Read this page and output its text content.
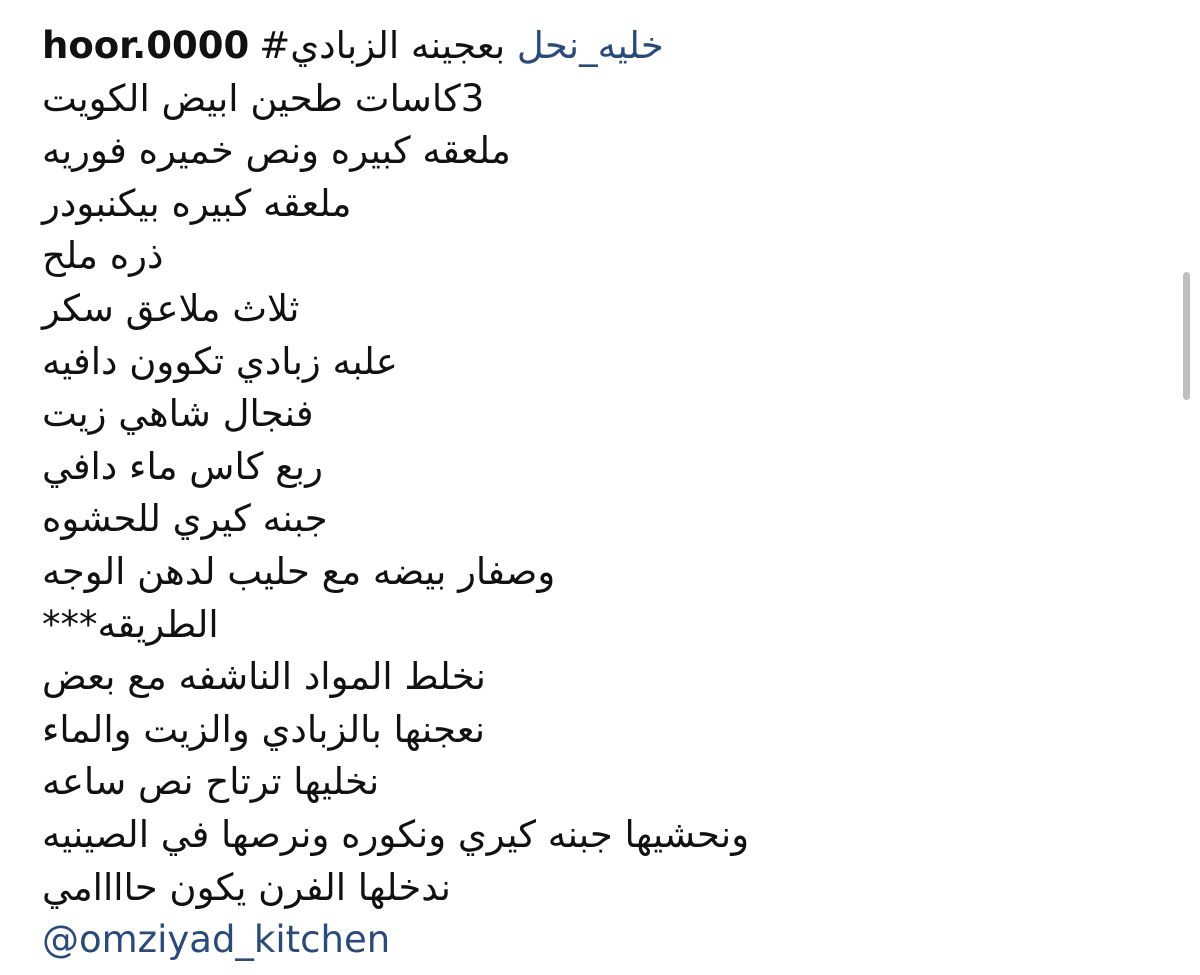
hoor.0000 بعجينه الزبادي# خليه_نحل
3كاسات طحين ابيض الكويت
ملعقه كبيره ونص خميره فوريه
ملعقه كبيره بيكنبودر
ذره ملح
ثلاث ملاعق سكر
علبه زبادي تكوون دافيه
فنجال شاهي زيت
ربع كاس ماء دافي
جبنه كيري للحشوه
وصفار بيضه مع حليب لدهن الوجه
الطريقه***
نخلط المواد الناشفه مع بعض
نعجنها بالزبادي والزيت والماء
نخليها ترتاح نص ساعه
ونحشيها جبنه كيري ونكوره ونرصها في الصينيه
ندخلها الفرن يكون حاااامي
@omziyad_kitchen
